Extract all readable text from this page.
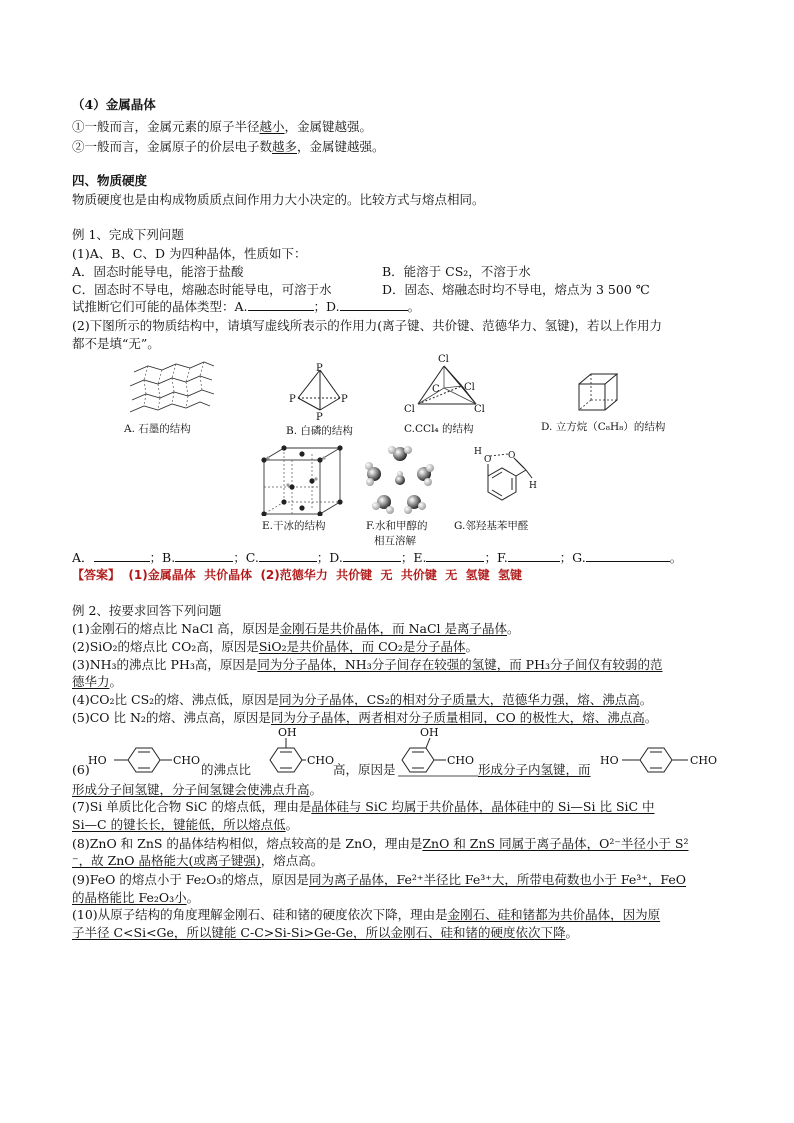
（4）金属晶体
①一般而言，金属元素的原子半径越小，金属键越强。
②一般而言，金属原子的价层电子数越多，金属键越强。
四、物质硬度
物质硬度也是由构成物质质点间作用力大小决定的。比较方式与熔点相同。
例 1、完成下列问题
(1)A、B、C、D 为四种晶体，性质如下：
A．固态时能导电，能溶于盐酸	B．能溶于 CS₂，不溶于水
C．固态时不导电，熔融态时能导电，可溶于水	D．固态、熔融态时均不导电，熔点为 3 500 ℃
试推断它们可能的晶体类型：A.	；D.	。
(2)下图所示的物质结构中，请填写虚线所表示的作用力(离子键、共价键、范德华力、氢键)，若以上作用力
都不是填“无”。
A. 石墨的结构
P
P	P
P
B. 白磷的结构
Cl
C Cl
Cl	Cl
C.CCl₄ 的结构	D. 立方烷（C₈H₈）的结构
E.干冰的结构	F.水和甲醇的
相互溶解
H
O O
H
G.邻羟基苯甲醛
A．	；B.	；C.	；D.	；E.	；F.	；G.	。
【答案】 (1)金属晶体 共价晶体 (2)范德华力 共价键 无 共价键 无 氢键 氢键
例 2、按要求回答下列问题
(1)金刚石的熔点比 NaCl 高，原因是金刚石是共价晶体，而 NaCl 是离子晶体。
(2)SiO₂的熔点比 CO₂高，原因是SiO₂是共价晶体，而 CO₂是分子晶体。
(3)NH₃的沸点比 PH₃高，原因是同为分子晶体，NH₃分子间存在较强的氢键，而 PH₃分子间仅有较弱的范
德华力。
(4)CO₂比 CS₂的熔、沸点低，原因是同为分子晶体，CS₂的相对分子质量大，范德华力强，熔、沸点高。
(5)CO 比 N₂的熔、沸点高，原因是同为分子晶体，两者相对分子质量相同，CO 的极性大，熔、沸点高。
(6)
HO	CHO
的沸点比
OH
CHO
高，原因是
OH
CHO
形成分子内氢键，而
HO	CHO
形成分子间氢键，分子间氢键会使沸点升高。
(7)Si 单质比化合物 SiC 的熔点低，理由是晶体硅与 SiC 均属于共价晶体，晶体硅中的 Si—Si 比 SiC 中
Si—C 的键长长，键能低，所以熔点低。
(8)ZnO 和 ZnS 的晶体结构相似，熔点较高的是 ZnO，理由是ZnO 和 ZnS 同属于离子晶体，O²⁻半径小于 S²
⁻，故 ZnO 晶格能大(或离子键强)，熔点高。
(9)FeO 的熔点小于 Fe₂O₃的熔点，原因是同为离子晶体，Fe²⁺半径比 Fe³⁺大，所带电荷数也小于 Fe³⁺，FeO
的晶格能比 Fe₂O₃小。
(10)从原子结构的角度理解金刚石、硅和锗的硬度依次下降，理由是金刚石、硅和锗都为共价晶体，因为原
子半径 C<Si<Ge，所以键能 C-C>Si-Si>Ge-Ge，所以金刚石、硅和锗的硬度依次下降。
